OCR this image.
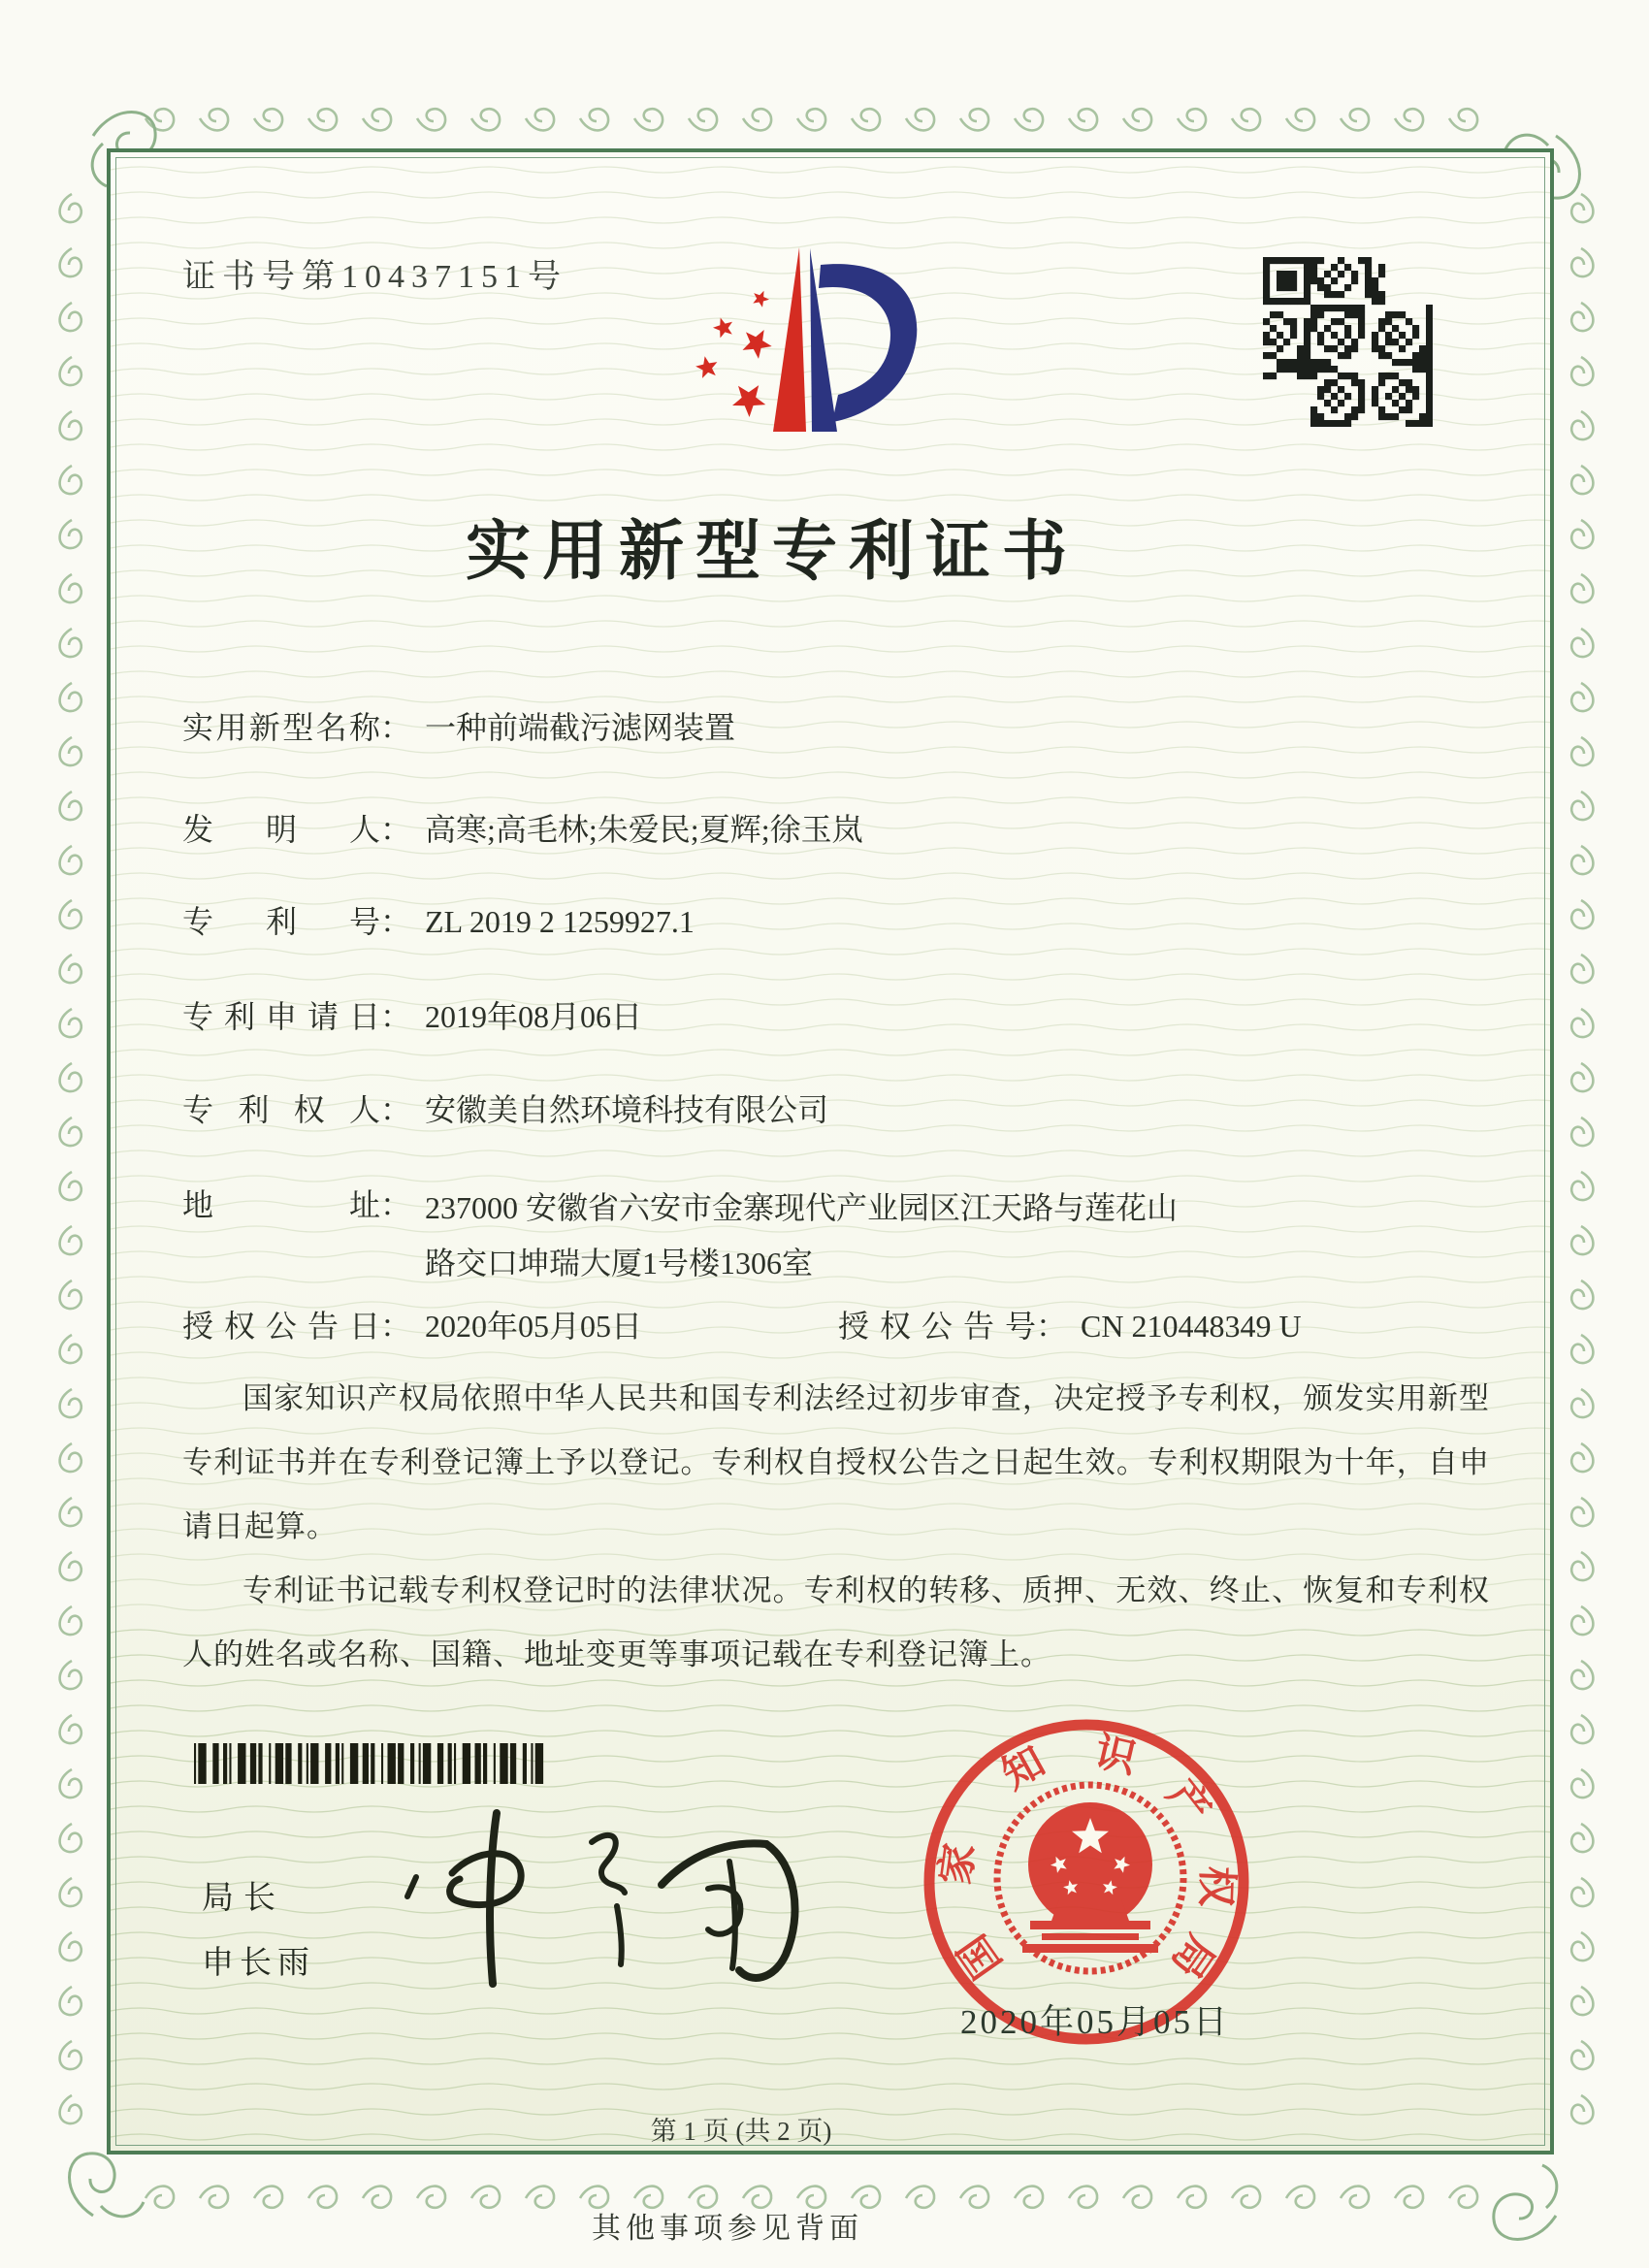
证书号第10437151号
实用新型专利证书
实用新型名称： 一种前端截污滤网装置
发明人： 高寒;高毛林;朱爱民;夏辉;徐玉岚
专利号： ZL 2019 2 1259927.1
专利申请日： 2019年08月06日
专利权人： 安徽美自然环境科技有限公司
地址： 237000 安徽省六安市金寨现代产业园区江天路与莲花山
路交口坤瑞大厦1号楼1306室
授权公告日： 2020年05月05日	授权公告号： CN 210448349 U

国家知识产权局依照中华人民共和国专利法经过初步审查，决定授予专利权，颁发实用新型专利证书并在专利登记簿上予以登记。专利权自授权公告之日起生效。专利权期限为十年，自申请日起算。

专利证书记载专利权登记时的法律状况。专利权的转移、质押、无效、终止、恢复和专利权人的姓名或名称、国籍、地址变更等事项记载在专利登记簿上。

局长
申长雨	国
家
知 识
产
权
局
2020年05月05日
第 1 页 (共 2 页)
其他事项参见背面
